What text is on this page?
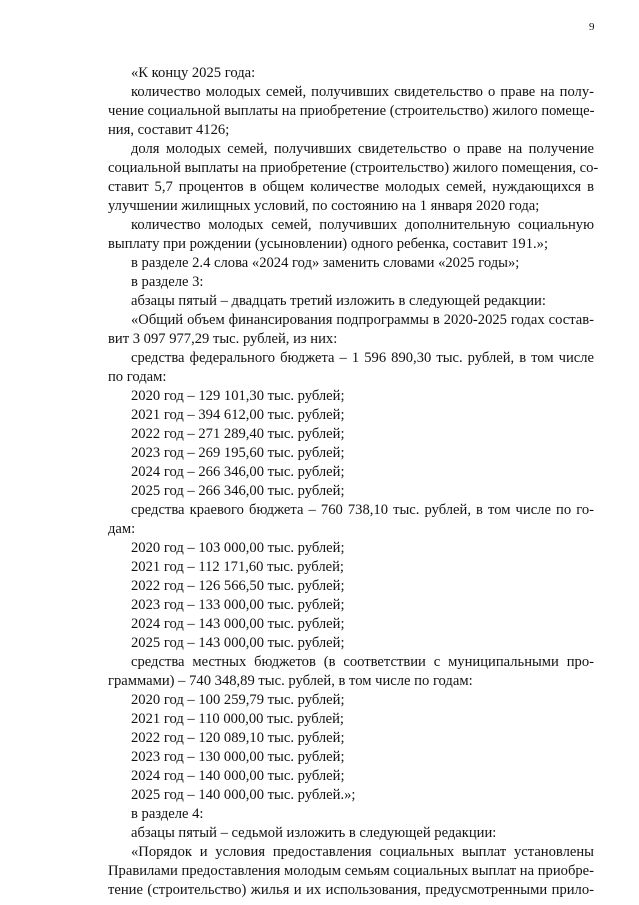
9
«К концу 2025 года:
количество молодых семей, получивших свидетельство о праве на полу-
чение социальной выплаты на приобретение (строительство) жилого помеще-
ния, составит 4126;
доля молодых семей, получивших свидетельство о праве на получение
социальной выплаты на приобретение (строительство) жилого помещения, со-
ставит 5,7 процентов в общем количестве молодых семей, нуждающихся в
улучшении жилищных условий, по состоянию на 1 января 2020 года;
количество молодых семей, получивших дополнительную социальную
выплату при рождении (усыновлении) одного ребенка, составит 191.»;
в разделе 2.4 слова «2024 год» заменить словами «2025 годы»;
в разделе 3:
абзацы пятый – двадцать третий изложить в следующей редакции:
«Общий объем финансирования подпрограммы в 2020-2025 годах состав-
вит 3 097 977,29 тыс. рублей, из них:
средства федерального бюджета – 1 596 890,30 тыс. рублей, в том числе
по годам:
2020 год – 129 101,30 тыс. рублей;
2021 год – 394 612,00 тыс. рублей;
2022 год – 271 289,40 тыс. рублей;
2023 год – 269 195,60 тыс. рублей;
2024 год – 266 346,00 тыс. рублей;
2025 год – 266 346,00 тыс. рублей;
средства краевого бюджета – 760 738,10 тыс. рублей, в том числе по го-
дам:
2020 год – 103 000,00 тыс. рублей;
2021 год – 112 171,60 тыс. рублей;
2022 год – 126 566,50 тыс. рублей;
2023 год – 133 000,00 тыс. рублей;
2024 год – 143 000,00 тыс. рублей;
2025 год – 143 000,00 тыс. рублей;
средства местных бюджетов (в соответствии с муниципальными про-
граммами) – 740 348,89 тыс. рублей, в том числе по годам:
2020 год – 100 259,79 тыс. рублей;
2021 год – 110 000,00 тыс. рублей;
2022 год – 120 089,10 тыс. рублей;
2023 год – 130 000,00 тыс. рублей;
2024 год – 140 000,00 тыс. рублей;
2025 год – 140 000,00 тыс. рублей.»;
в разделе 4:
абзацы пятый – седьмой изложить в следующей редакции:
«Порядок и условия предоставления социальных выплат установлены
Правилами предоставления молодым семьям социальных выплат на приобре-
тение (строительство) жилья и их использования, предусмотренными прило-
